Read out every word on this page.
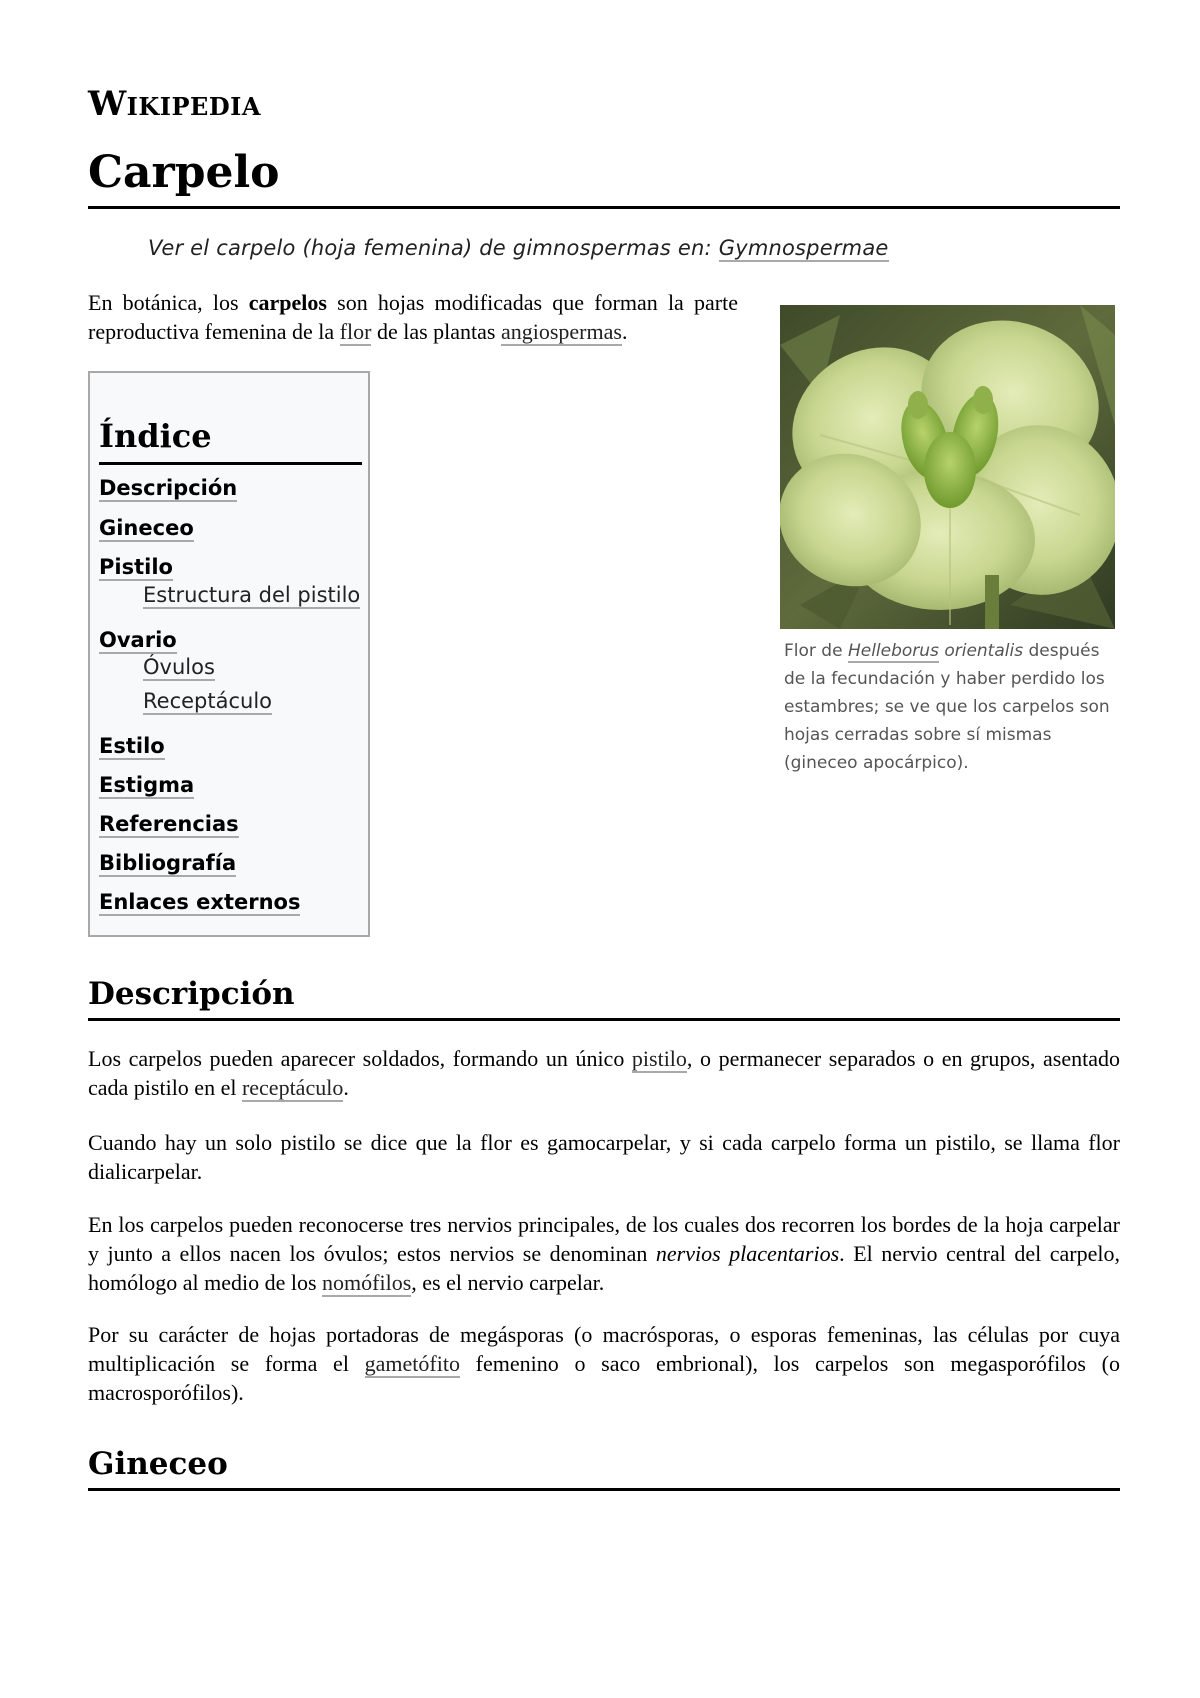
Wikipedia
Carpelo
Ver el carpelo (hoja femenina) de gimnospermas en: Gymnospermae
En botánica, los carpelos son hojas modificadas que forman la parte reproductiva femenina de la flor de las plantas angiospermas.
Flor de Helleborus orientalis después de la fecundación y haber perdido los estambres; se ve que los carpelos son hojas cerradas sobre sí mismas (gineceo apocárpico).
Índice
Descripción
Gineceo
Pistilo
Estructura del pistilo
Ovario
Óvulos
Receptáculo
Estilo
Estigma
Referencias
Bibliografía
Enlaces externos
Descripción
Los carpelos pueden aparecer soldados, formando un único pistilo, o permanecer separados o en grupos, asentado cada pistilo en el receptáculo.
Cuando hay un solo pistilo se dice que la flor es gamocarpelar, y si cada carpelo forma un pistilo, se llama flor dialicarpelar.
En los carpelos pueden reconocerse tres nervios principales, de los cuales dos recorren los bordes de la hoja carpelar y junto a ellos nacen los óvulos; estos nervios se denominan nervios placentarios. El nervio central del carpelo, homólogo al medio de los nomófilos, es el nervio carpelar.
Por su carácter de hojas portadoras de megásporas (o macrósporas, o esporas femeninas, las células por cuya multiplicación se forma el gametófito femenino o saco embrional), los carpelos son megasporófilos (o macrosporófilos).
Gineceo
